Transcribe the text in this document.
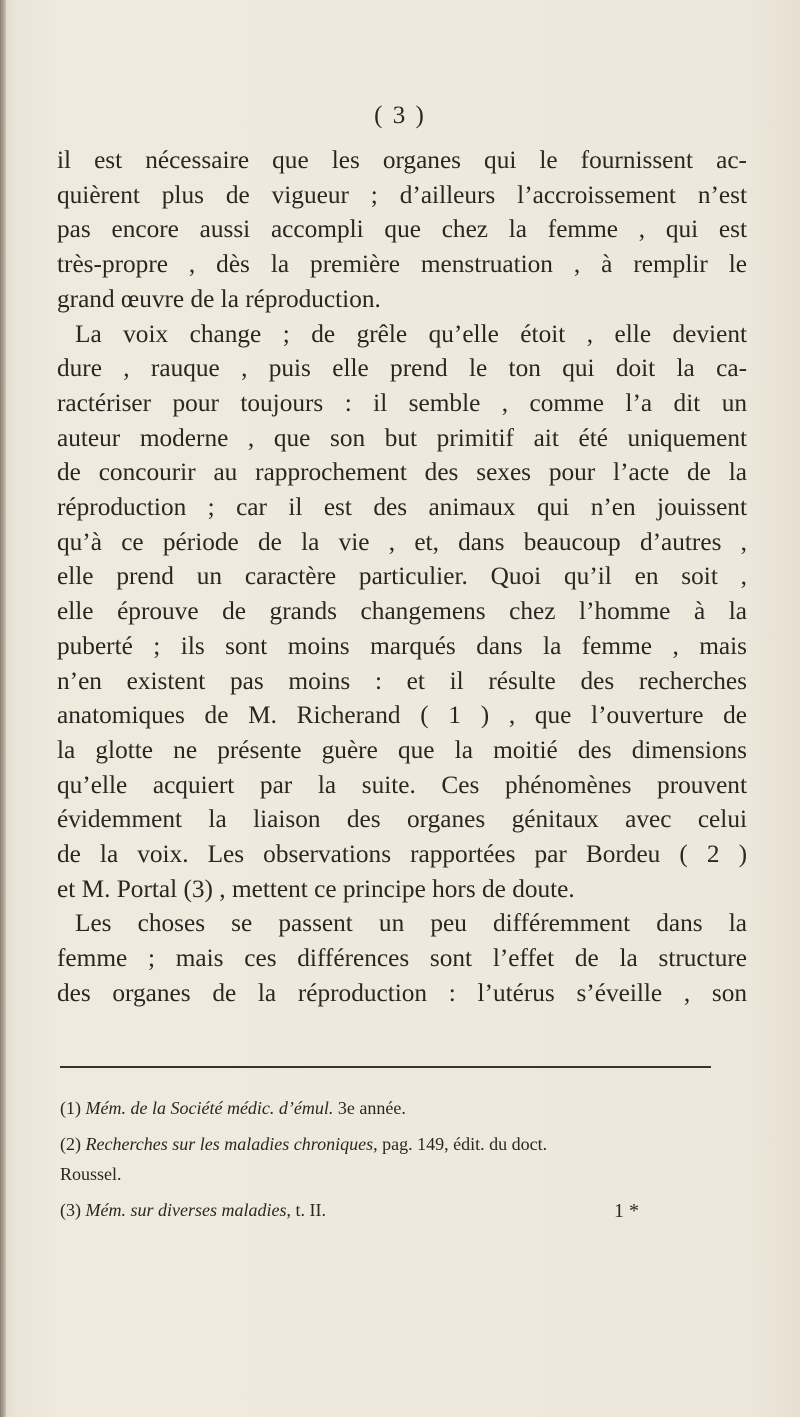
( 3 )
il est nécessaire que les organes qui le fournissent ac-
quièrent plus de vigueur ; d’ailleurs l’accroissement n’est
pas encore aussi accompli que chez la femme , qui est
très-propre , dès la première menstruation , à remplir le
grand œuvre de la réproduction.
La voix change ; de grêle qu’elle étoit , elle devient
dure , rauque , puis elle prend le ton qui doit la ca-
ractériser pour toujours : il semble , comme l’a dit un
auteur moderne , que son but primitif ait été uniquement
de concourir au rapprochement des sexes pour l’acte de la
réproduction ; car il est des animaux qui n’en jouissent
qu’à ce période de la vie , et, dans beaucoup d’autres ,
elle prend un caractère particulier. Quoi qu’il en soit ,
elle éprouve de grands changemens chez l’homme à la
puberté ; ils sont moins marqués dans la femme , mais
n’en existent pas moins : et il résulte des recherches
anatomiques de M. Richerand ( 1 ) , que l’ouverture de
la glotte ne présente guère que la moitié des dimensions
qu’elle acquiert par la suite. Ces phénomènes prouvent
évidemment la liaison des organes génitaux avec celui
de la voix. Les observations rapportées par Bordeu ( 2 )
et M. Portal (3) , mettent ce principe hors de doute.
Les choses se passent un peu différemment dans la
femme ; mais ces différences sont l’effet de la structure
des organes de la réproduction : l’utérus s’éveille , son
(1) Mém. de la Société médic. d’émul. 3e année.
(2) Recherches sur les maladies chroniques, pag. 149, édit. du doct.
Roussel.
(3) Mém. sur diverses maladies, t. II.	1 *
